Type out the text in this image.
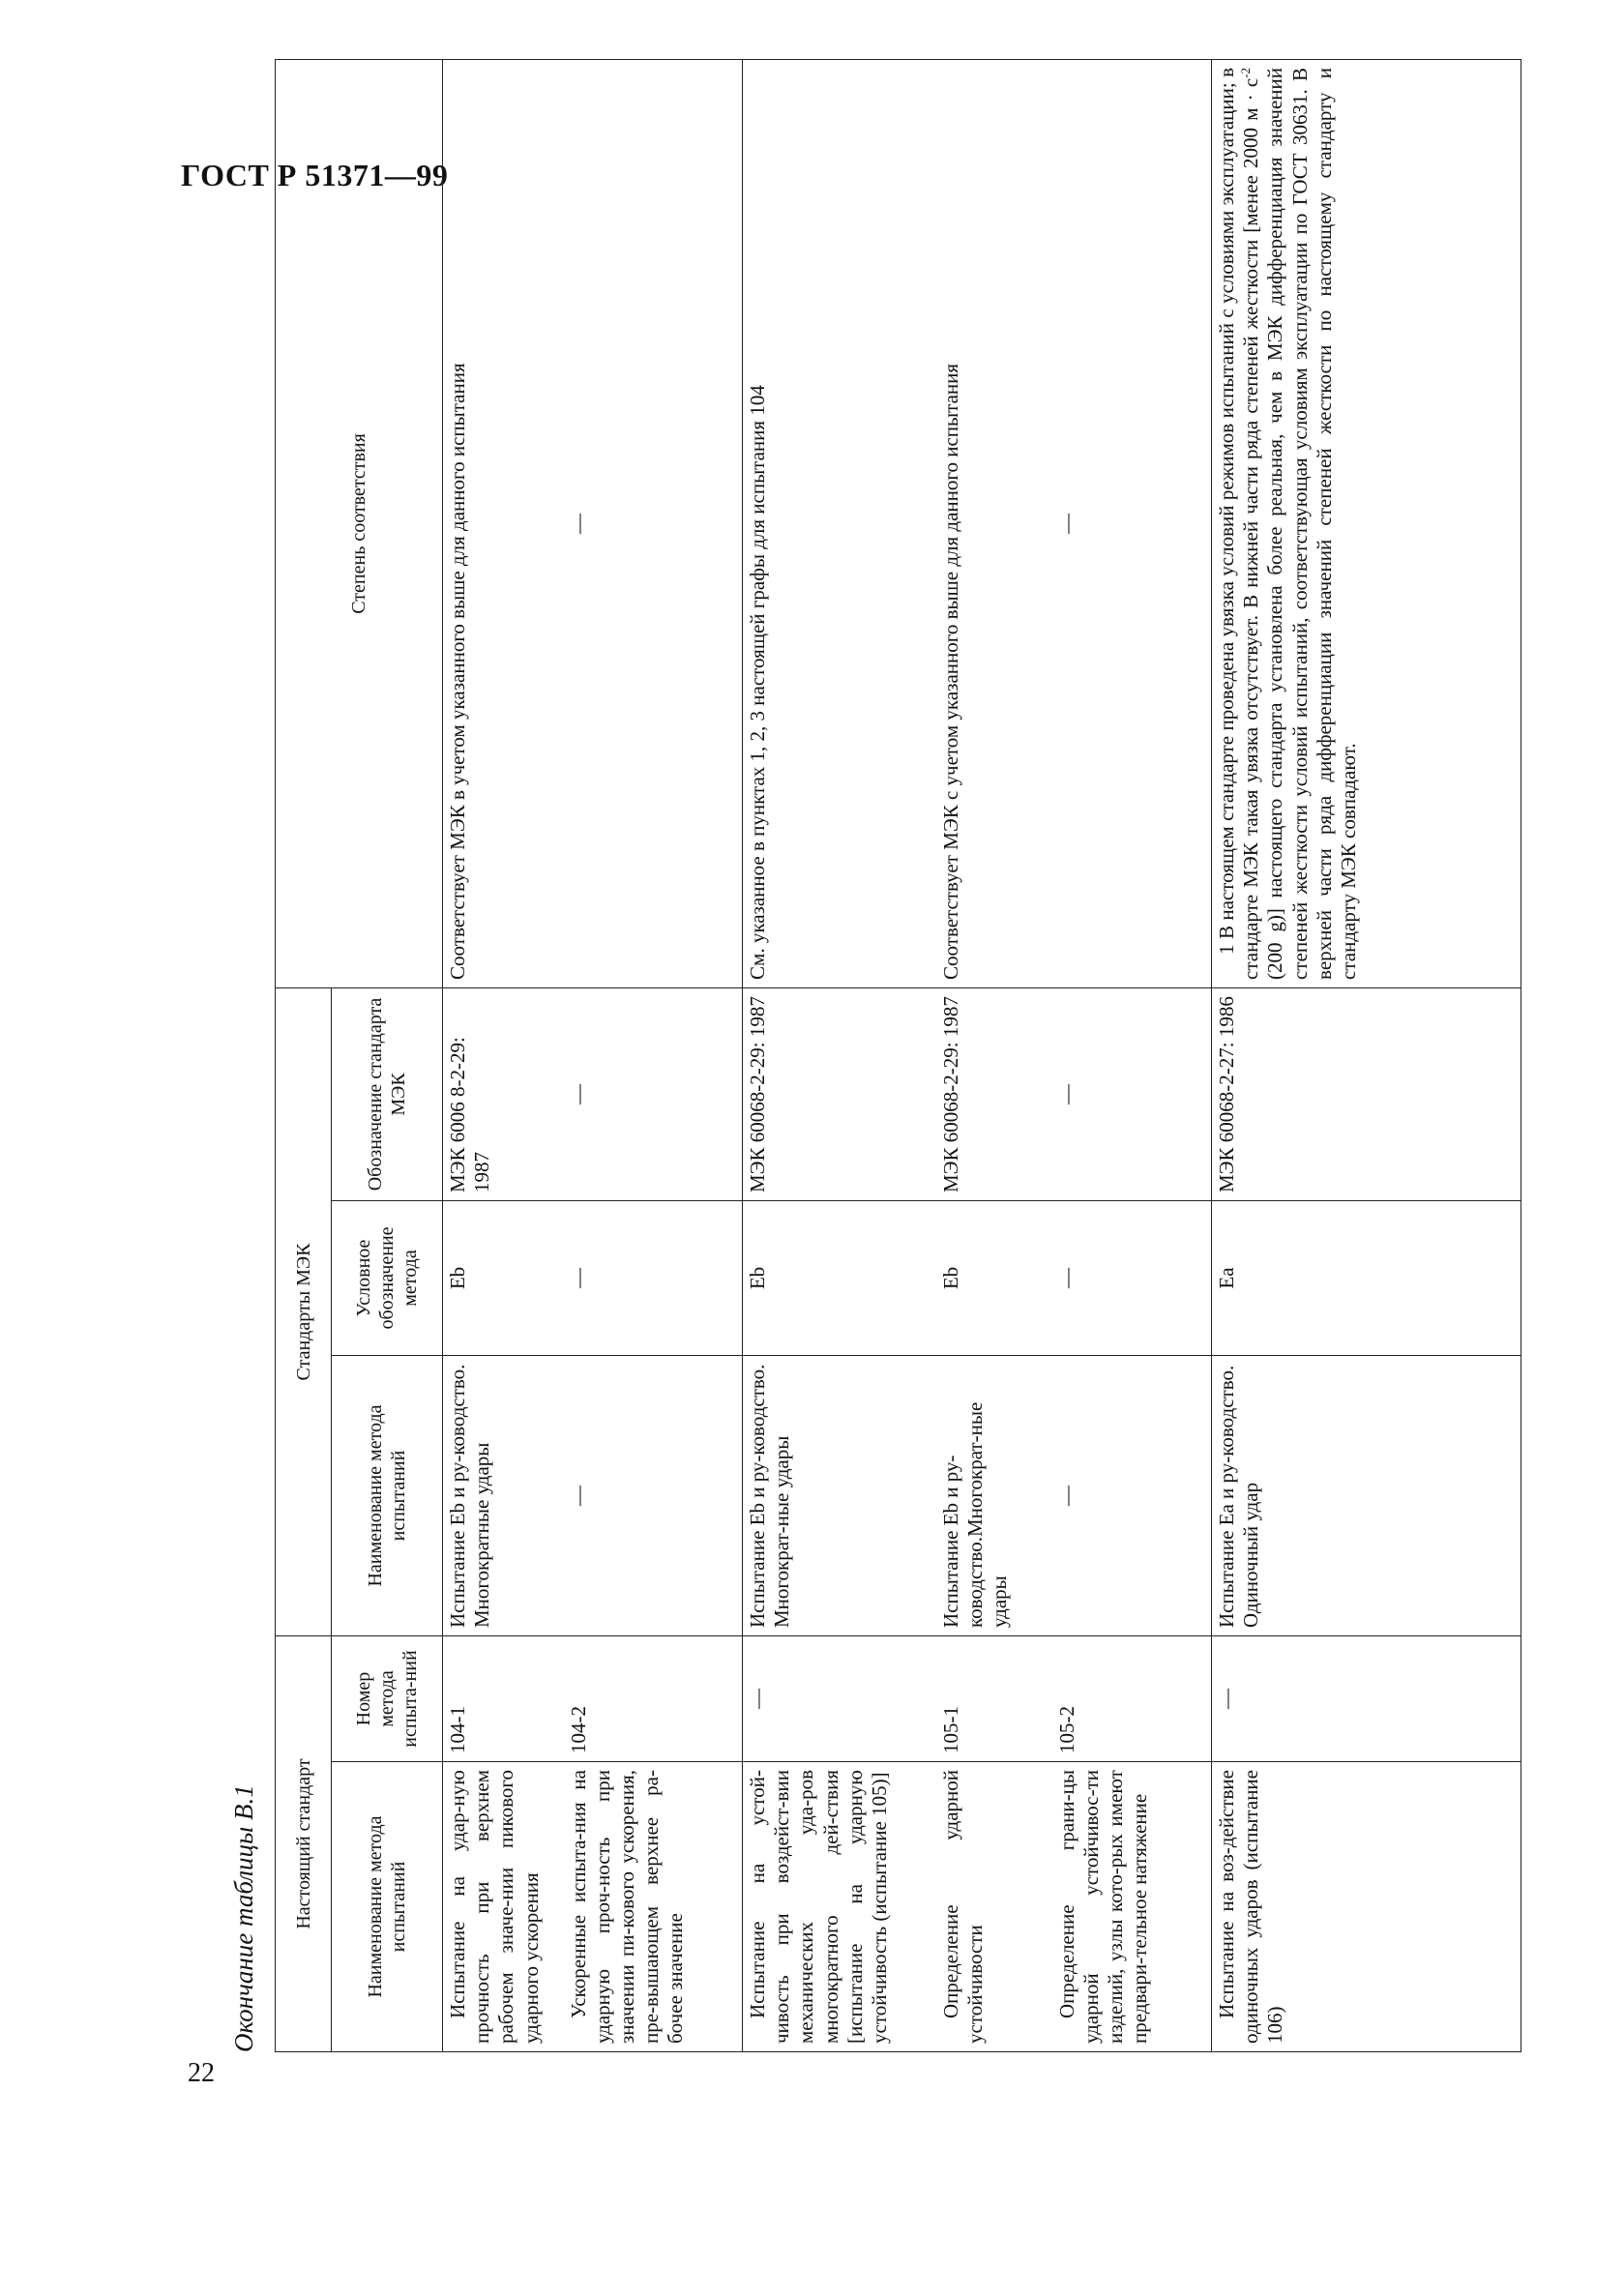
ГОСТ Р 51371—99
22
Окончание таблицы В.1	Настоящий стандарт		Стандарты МЭК			Степень соответствия
Наименование метода испытаний	Номер метода испыта-ний	Наименование метода испытаний	Условное обозначение метода	Обозначение стандарта МЭК	
Испытание на удар-ную прочность при верхнем рабочем значе-нии пикового ударного ускорения	104-1	Испытание Eb и ру-ководство. Многократные удары	Eb	МЭК 6006 8-2-29: 1987	Соответствует МЭК в учетом указанного выше для данного испытания
Ускоренные испыта-ния на ударную проч-ность при значении пи-кового ускорения, пре-вышающем верхнее ра-бочее значение	104-2	—	—	—	—
Испытание на устой-чивость при воздейст-вии механических уда-ров многократного дей-ствия [испытание на ударную устойчивость (испытание 105)]	—	Испытание Eb и ру-ководство. Многократ-ные удары	Eb	МЭК 60068-2-29: 1987	См. указанное в пунктах 1, 2, 3 настоящей графы для испытания 104
Определение ударной устойчивости	105-1	Испытание Eb и ру-ководство.Многократ-ные удары	Eb	МЭК 60068-2-29: 1987	Соответствует МЭК с учетом указанного выше для данного испытания
Определение грани-цы ударной устойчивос-ти изделий, узлы кото-рых имеют предвари-тельное натяжение	105-2	—	—	—	—
Испытание на воз-действие одиночных ударов (испытание 106)	—	Испытание Ea и ру-ководство. Одиночный удар	Ea	МЭК 60068-2-27: 1986	1 В настоящем стандарте проведена увязка условий режимов испытаний с условиями эксплуатации; в стандарте МЭК такая увязка отсутствует. В нижней части ряда степеней жесткости [менее 2000 $м \cdot с^{-2}$ (200 g)] настоящего стандарта установлена более реальная, чем в МЭК дифференциация значений степеней жесткости условий испытаний, соответствующая условиям эксплуатации по ГОСТ 30631. В верхней части ряда дифференциации значений степеней жесткости по настоящему стандарту и стандарту МЭК совпадают.
